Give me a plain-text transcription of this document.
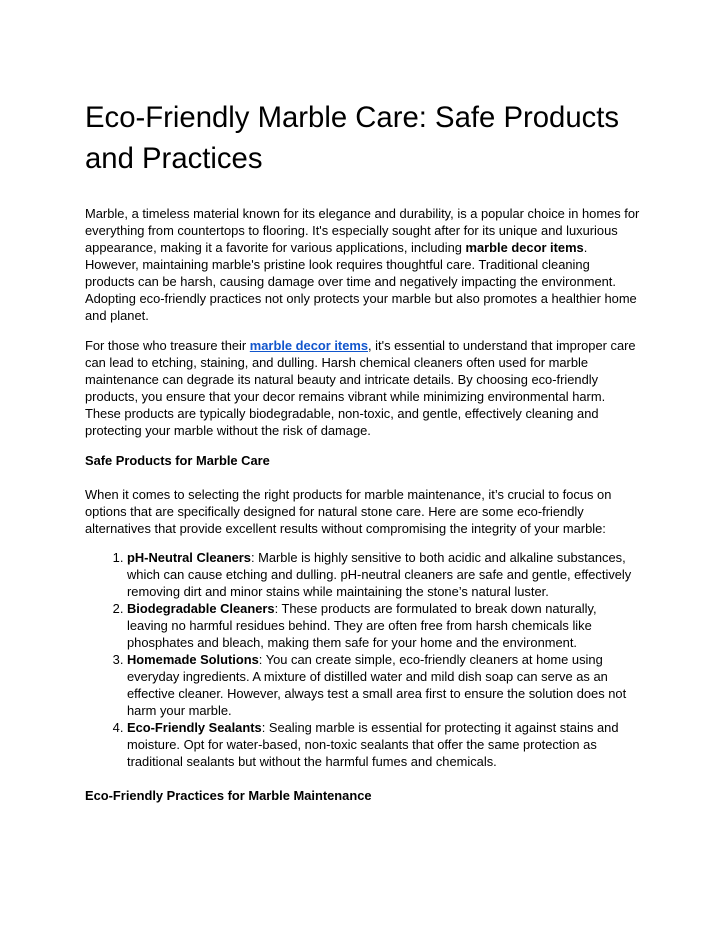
Eco-Friendly Marble Care: Safe Products and Practices

Marble, a timeless material known for its elegance and durability, is a popular choice in homes for everything from countertops to flooring. It's especially sought after for its unique and luxurious appearance, making it a favorite for various applications, including marble decor items. However, maintaining marble's pristine look requires thoughtful care. Traditional cleaning products can be harsh, causing damage over time and negatively impacting the environment. Adopting eco-friendly practices not only protects your marble but also promotes a healthier home and planet.

For those who treasure their marble decor items, it's essential to understand that improper care can lead to etching, staining, and dulling. Harsh chemical cleaners often used for marble maintenance can degrade its natural beauty and intricate details. By choosing eco-friendly products, you ensure that your decor remains vibrant while minimizing environmental harm. These products are typically biodegradable, non-toxic, and gentle, effectively cleaning and protecting your marble without the risk of damage.

Safe Products for Marble Care

When it comes to selecting the right products for marble maintenance, it’s crucial to focus on options that are specifically designed for natural stone care. Here are some eco-friendly alternatives that provide excellent results without compromising the integrity of your marble:

1. pH-Neutral Cleaners: Marble is highly sensitive to both acidic and alkaline substances, which can cause etching and dulling. pH-neutral cleaners are safe and gentle, effectively removing dirt and minor stains while maintaining the stone’s natural luster.
2. Biodegradable Cleaners: These products are formulated to break down naturally, leaving no harmful residues behind. They are often free from harsh chemicals like phosphates and bleach, making them safe for your home and the environment.
3. Homemade Solutions: You can create simple, eco-friendly cleaners at home using everyday ingredients. A mixture of distilled water and mild dish soap can serve as an effective cleaner. However, always test a small area first to ensure the solution does not harm your marble.
4. Eco-Friendly Sealants: Sealing marble is essential for protecting it against stains and moisture. Opt for water-based, non-toxic sealants that offer the same protection as traditional sealants but without the harmful fumes and chemicals.

Eco-Friendly Practices for Marble Maintenance
